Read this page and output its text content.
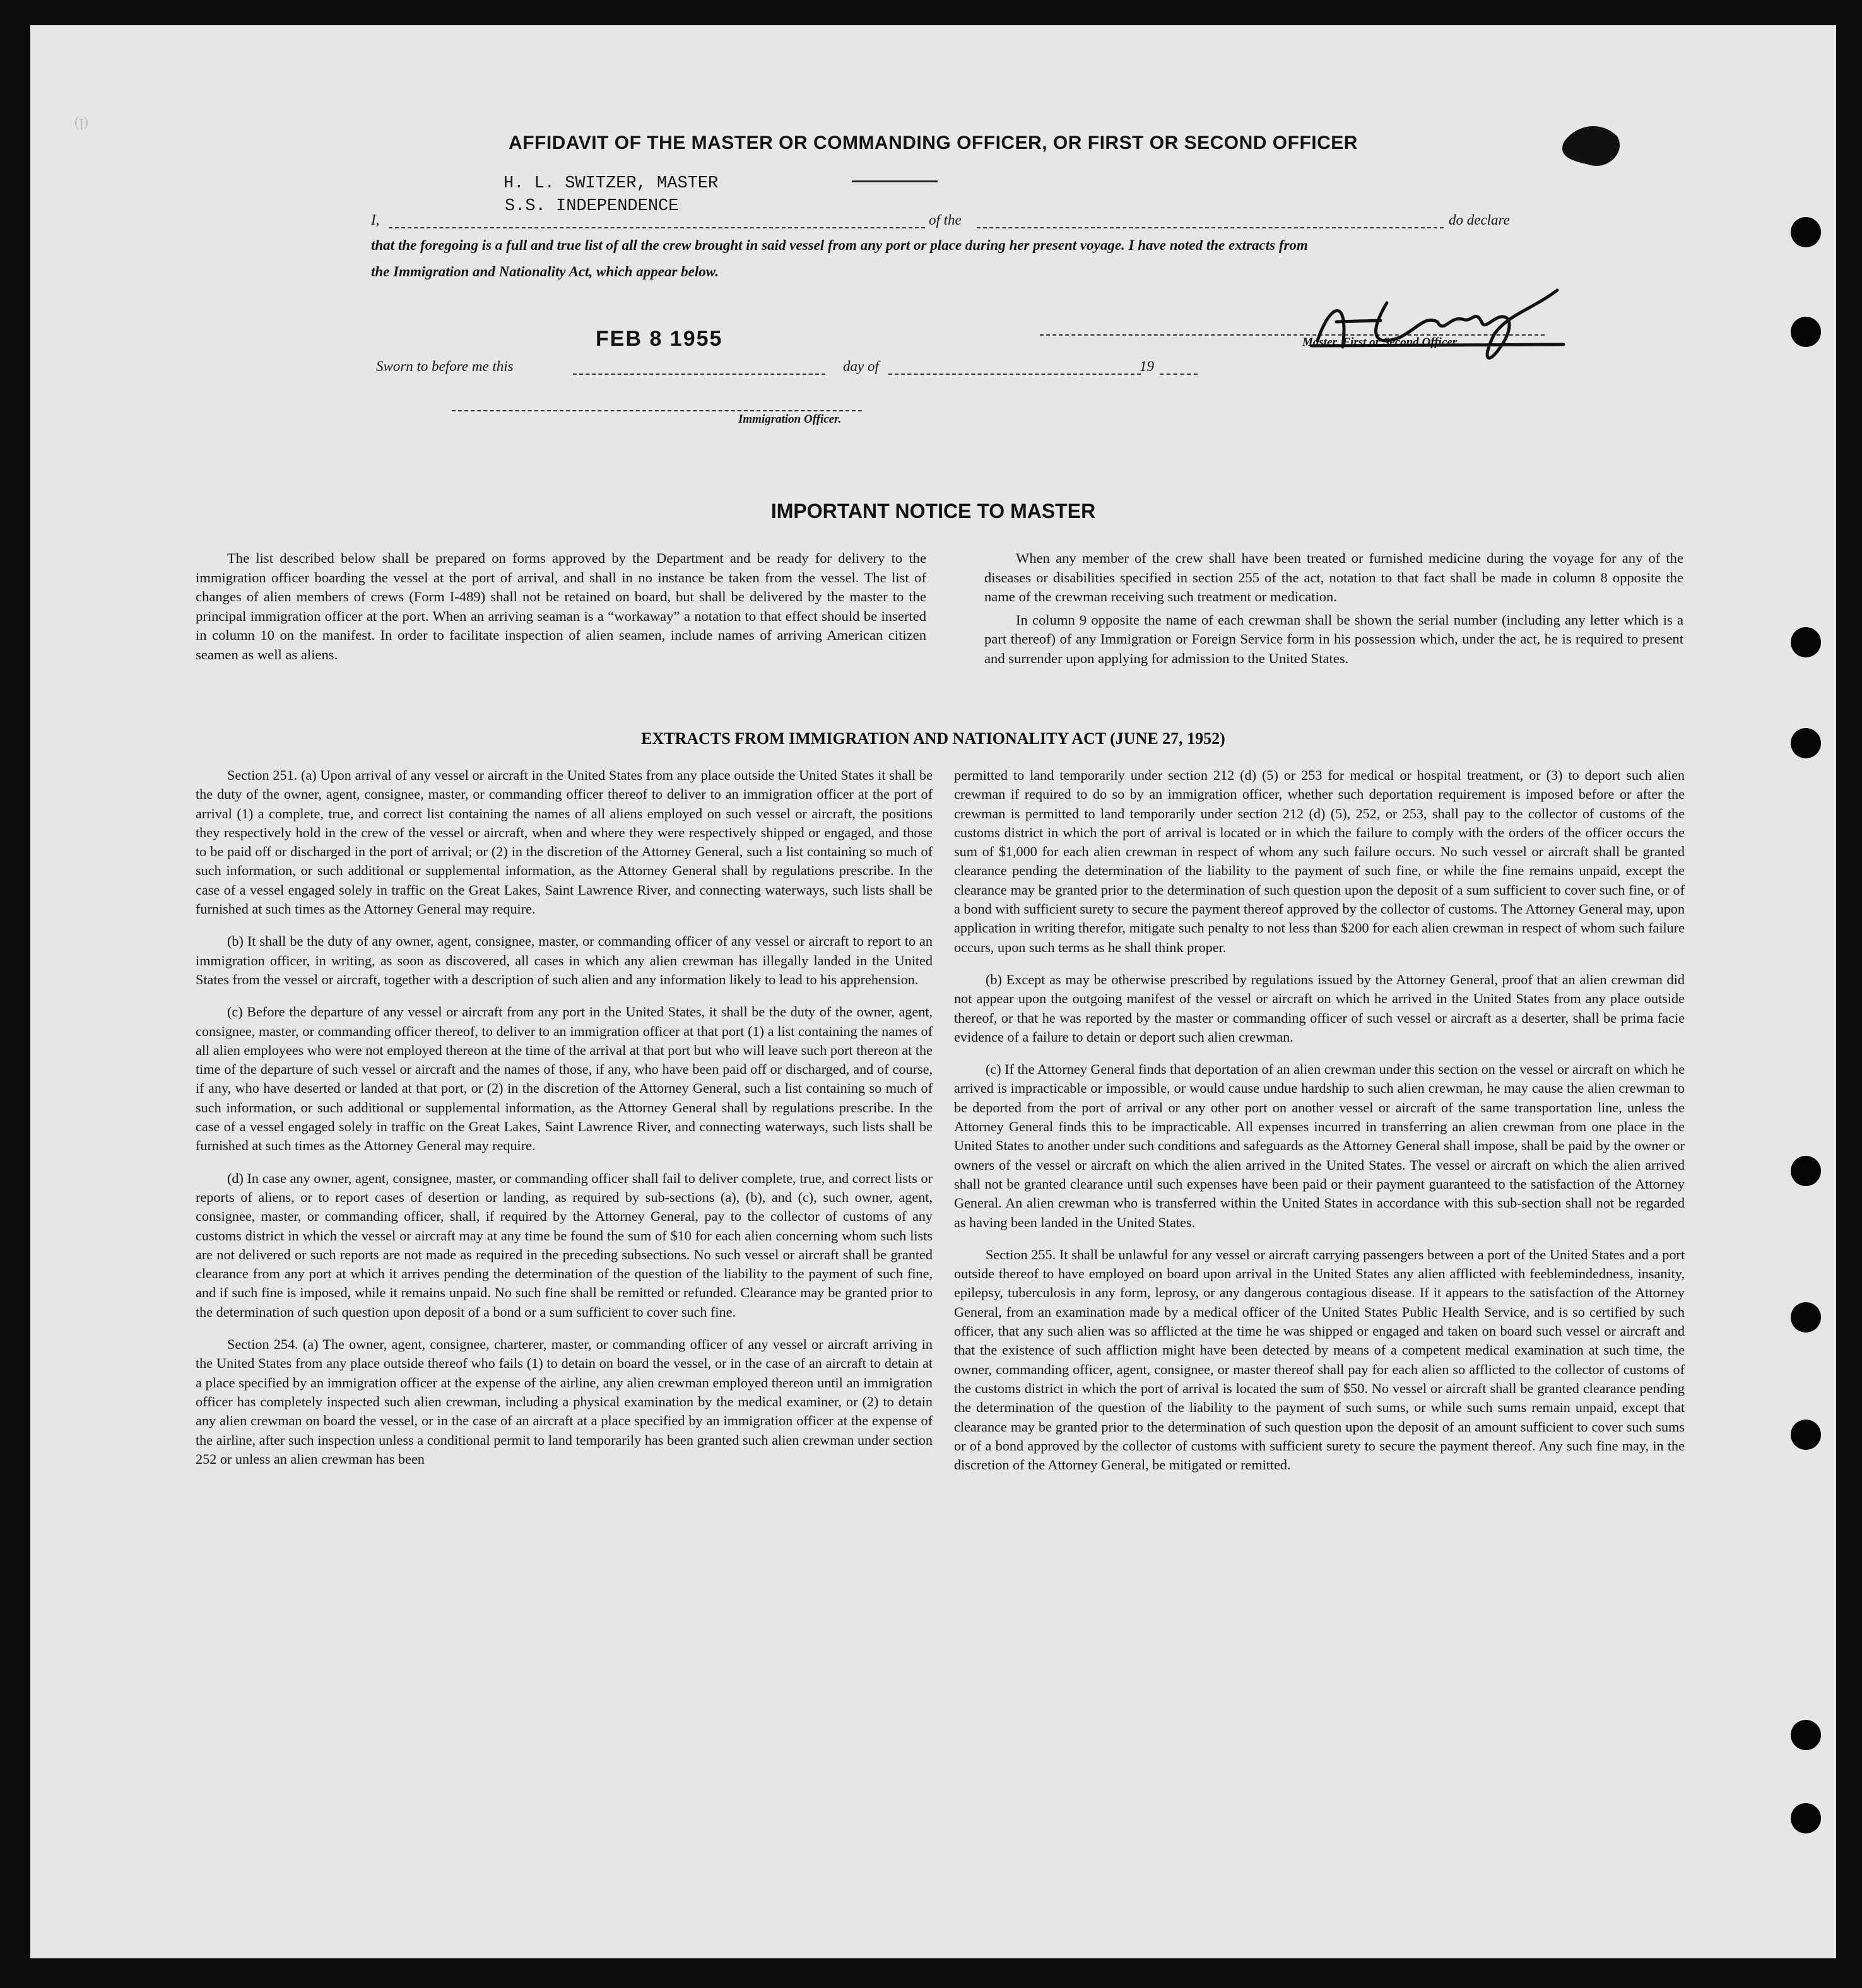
(ꞁ)
AFFIDAVIT OF THE MASTER OR COMMANDING OFFICER, OR FIRST OR SECOND OFFICER
H. L. SWITZER, MASTER
S.S. INDEPENDENCE
I,	of the	do declare
that the foregoing is a full and true list of all the crew brought in said vessel from any port or place during her present voyage. I have noted the extracts from
the Immigration and Nationality Act, which appear below.
Master, First or Second Officer.
FEB 8 1955
Sworn to before me this	day of	19
Immigration Officer.
IMPORTANT NOTICE TO MASTER

The list described below shall be prepared on forms approved by the Department and be ready for delivery to the immigration officer boarding the vessel at the port of arrival, and shall in no instance be taken from the vessel. The list of changes of alien members of crews (Form I-489) shall not be retained on board, but shall be delivered by the master to the principal immigration officer at the port. When an arriving seaman is a “workaway” a notation to that effect should be inserted in column 10 on the manifest. In order to facilitate inspection of alien seamen, include names of arriving American citizen seamen as well as aliens.

When any member of the crew shall have been treated or furnished medicine during the voyage for any of the diseases or disabilities specified in section 255 of the act, notation to that fact shall be made in column 8 opposite the name of the crewman receiving such treatment or medication.

In column 9 opposite the name of each crewman shall be shown the serial number (including any letter which is a part thereof) of any Immigration or Foreign Service form in his possession which, under the act, he is required to present and surrender upon applying for admission to the United States.

EXTRACTS FROM IMMIGRATION AND NATIONALITY ACT (JUNE 27, 1952)

Section 251. (a) Upon arrival of any vessel or aircraft in the United States from any place outside the United States it shall be the duty of the owner, agent, consignee, master, or commanding officer thereof to deliver to an immigration officer at the port of arrival (1) a complete, true, and correct list containing the names of all aliens employed on such vessel or aircraft, the positions they respectively hold in the crew of the vessel or aircraft, when and where they were respectively shipped or engaged, and those to be paid off or discharged in the port of arrival; or (2) in the discretion of the Attorney General, such a list containing so much of such information, or such additional or supplemental information, as the Attorney General shall by regulations prescribe. In the case of a vessel engaged solely in traffic on the Great Lakes, Saint Lawrence River, and connecting waterways, such lists shall be furnished at such times as the Attorney General may require.

(b) It shall be the duty of any owner, agent, consignee, master, or commanding officer of any vessel or aircraft to report to an immigration officer, in writing, as soon as discovered, all cases in which any alien crewman has illegally landed in the United States from the vessel or aircraft, together with a description of such alien and any information likely to lead to his apprehension.

(c) Before the departure of any vessel or aircraft from any port in the United States, it shall be the duty of the owner, agent, consignee, master, or commanding officer thereof, to deliver to an immigration officer at that port (1) a list containing the names of all alien employees who were not employed thereon at the time of the arrival at that port but who will leave such port thereon at the time of the departure of such vessel or aircraft and the names of those, if any, who have been paid off or discharged, and of course, if any, who have deserted or landed at that port, or (2) in the discretion of the Attorney General, such a list containing so much of such information, or such additional or supplemental information, as the Attorney General shall by regulations prescribe. In the case of a vessel engaged solely in traffic on the Great Lakes, Saint Lawrence River, and connecting waterways, such lists shall be furnished at such times as the Attorney General may require.

(d) In case any owner, agent, consignee, master, or commanding officer shall fail to deliver complete, true, and correct lists or reports of aliens, or to report cases of desertion or landing, as required by sub-sections (a), (b), and (c), such owner, agent, consignee, master, or commanding officer, shall, if required by the Attorney General, pay to the collector of customs of any customs district in which the vessel or aircraft may at any time be found the sum of $10 for each alien concerning whom such lists are not delivered or such reports are not made as required in the preceding subsections. No such vessel or aircraft shall be granted clearance from any port at which it arrives pending the determination of the question of the liability to the payment of such fine, and if such fine is imposed, while it remains unpaid. No such fine shall be remitted or refunded. Clearance may be granted prior to the determination of such question upon deposit of a bond or a sum sufficient to cover such fine.

Section 254. (a) The owner, agent, consignee, charterer, master, or commanding officer of any vessel or aircraft arriving in the United States from any place outside thereof who fails (1) to detain on board the vessel, or in the case of an aircraft to detain at a place specified by an immigration officer at the expense of the airline, any alien crewman employed thereon until an immigration officer has completely inspected such alien crewman, including a physical examination by the medical examiner, or (2) to detain any alien crewman on board the vessel, or in the case of an aircraft at a place specified by an immigration officer at the expense of the airline, after such inspection unless a conditional permit to land temporarily has been granted such alien crewman under section 252 or unless an alien crewman has been

permitted to land temporarily under section 212 (d) (5) or 253 for medical or hospital treatment, or (3) to deport such alien crewman if required to do so by an immigration officer, whether such deportation requirement is imposed before or after the crewman is permitted to land temporarily under section 212 (d) (5), 252, or 253, shall pay to the collector of customs of the customs district in which the port of arrival is located or in which the failure to comply with the orders of the officer occurs the sum of $1,000 for each alien crewman in respect of whom any such failure occurs. No such vessel or aircraft shall be granted clearance pending the determination of the liability to the payment of such fine, or while the fine remains unpaid, except the clearance may be granted prior to the determination of such question upon the deposit of a sum sufficient to cover such fine, or of a bond with sufficient surety to secure the payment thereof approved by the collector of customs. The Attorney General may, upon application in writing therefor, mitigate such penalty to not less than $200 for each alien crewman in respect of whom such failure occurs, upon such terms as he shall think proper.

(b) Except as may be otherwise prescribed by regulations issued by the Attorney General, proof that an alien crewman did not appear upon the outgoing manifest of the vessel or aircraft on which he arrived in the United States from any place outside thereof, or that he was reported by the master or commanding officer of such vessel or aircraft as a deserter, shall be prima facie evidence of a failure to detain or deport such alien crewman.

(c) If the Attorney General finds that deportation of an alien crewman under this section on the vessel or aircraft on which he arrived is impracticable or impossible, or would cause undue hardship to such alien crewman, he may cause the alien crewman to be deported from the port of arrival or any other port on another vessel or aircraft of the same transportation line, unless the Attorney General finds this to be impracticable. All expenses incurred in transferring an alien crewman from one place in the United States to another under such conditions and safeguards as the Attorney General shall impose, shall be paid by the owner or owners of the vessel or aircraft on which the alien arrived in the United States. The vessel or aircraft on which the alien arrived shall not be granted clearance until such expenses have been paid or their payment guaranteed to the satisfaction of the Attorney General. An alien crewman who is transferred within the United States in accordance with this sub-section shall not be regarded as having been landed in the United States.

Section 255. It shall be unlawful for any vessel or aircraft carrying passengers between a port of the United States and a port outside thereof to have employed on board upon arrival in the United States any alien afflicted with feeblemindedness, insanity, epilepsy, tuberculosis in any form, leprosy, or any dangerous contagious disease. If it appears to the satisfaction of the Attorney General, from an examination made by a medical officer of the United States Public Health Service, and is so certified by such officer, that any such alien was so afflicted at the time he was shipped or engaged and taken on board such vessel or aircraft and that the existence of such affliction might have been detected by means of a competent medical examination at such time, the owner, commanding officer, agent, consignee, or master thereof shall pay for each alien so afflicted to the collector of customs of the customs district in which the port of arrival is located the sum of $50. No vessel or aircraft shall be granted clearance pending the determination of the question of the liability to the payment of such sums, or while such sums remain unpaid, except that clearance may be granted prior to the determination of such question upon the deposit of an amount sufficient to cover such sums or of a bond approved by the collector of customs with sufficient surety to secure the payment thereof. Any such fine may, in the discretion of the Attorney General, be mitigated or remitted.
